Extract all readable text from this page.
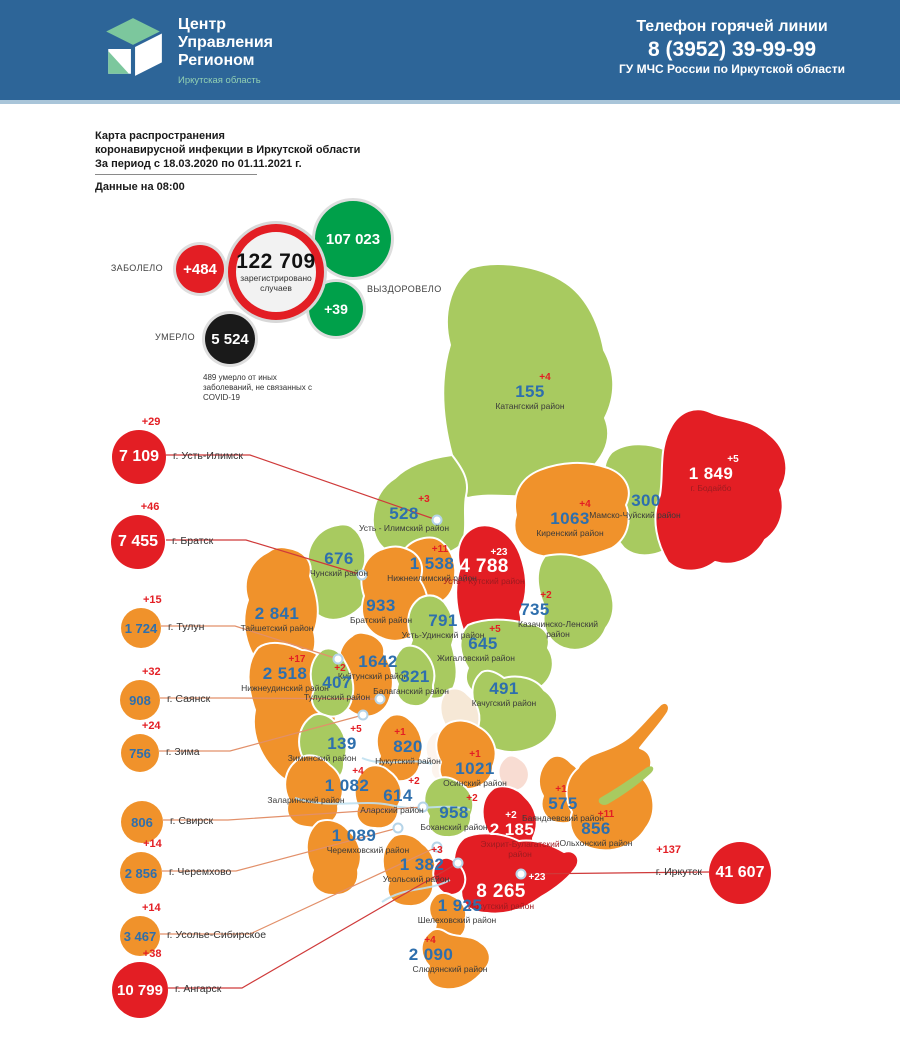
Центр
Управления
Регионом
Иркутская область
Телефон горячей линии
8 (3952) 39-99-99
ГУ МЧС России по Иркутской области
Карта распространения
коронавирусной инфекции в Иркутской области
За период с 18.03.2020 по 01.11.2021 г.
Данные на 08:00
107 023
+39
5 524
+484 122 709
зарегистрировано случаев
ЗАБОЛЕЛО
ВЫЗДОРОВЕЛО
УМЕРЛО
489 умерло от иных заболеваний, не связанных с COVID-19
+4
155
Катангский район
+3
528
Усть - Илимский район
+4
1063
Киренский район
300
Мамско-Чуйский район
+5
1 849
г. Бодайбо
676
Чунский район
+11
1 538
Нижнеилимский район
+23
4 788
Усть - Кутский район
+2
735
Казачинско-Ленский район
933
Братский район 791
Усть-Удинский район +5
645
Жигаловский район
2 841
Тайшетский район
+17
2 518
Нижнеудинский район
1642
Куйтунский район
+2
407
Тулунский район
321
Балаганский район	491
Качугский район
+5
139
Зиминский район
+1
820
Нукутский район
+1
1021
Осинский район
+4
1 082
Заларинский район
+2
614
Аларский район
+2
958
Боханский район
+1
575
Баяндаевский район
+2
2 185
Эхирит-Булагатский район
+11
856
Ольхонский район
1 089
Черемховский район	+3
1 382
Усольский район	+23
8 265
Иркутский район
1 925
Шелеховский район
+4
2 090
Слюдянский район
+29
7 109 г. Усть-Илимск
+46
7 455 г. Братск
+15
1 724 г. Тулун
+32
908 г. Саянск
+24
756 г. Зима
806 г. Свирск
+14
2 856 г. Черемхово
+14
3 467 г. Усолье-Сибирское
+38
10 799 г. Ангарск
+137
41 607
г. Иркутск
